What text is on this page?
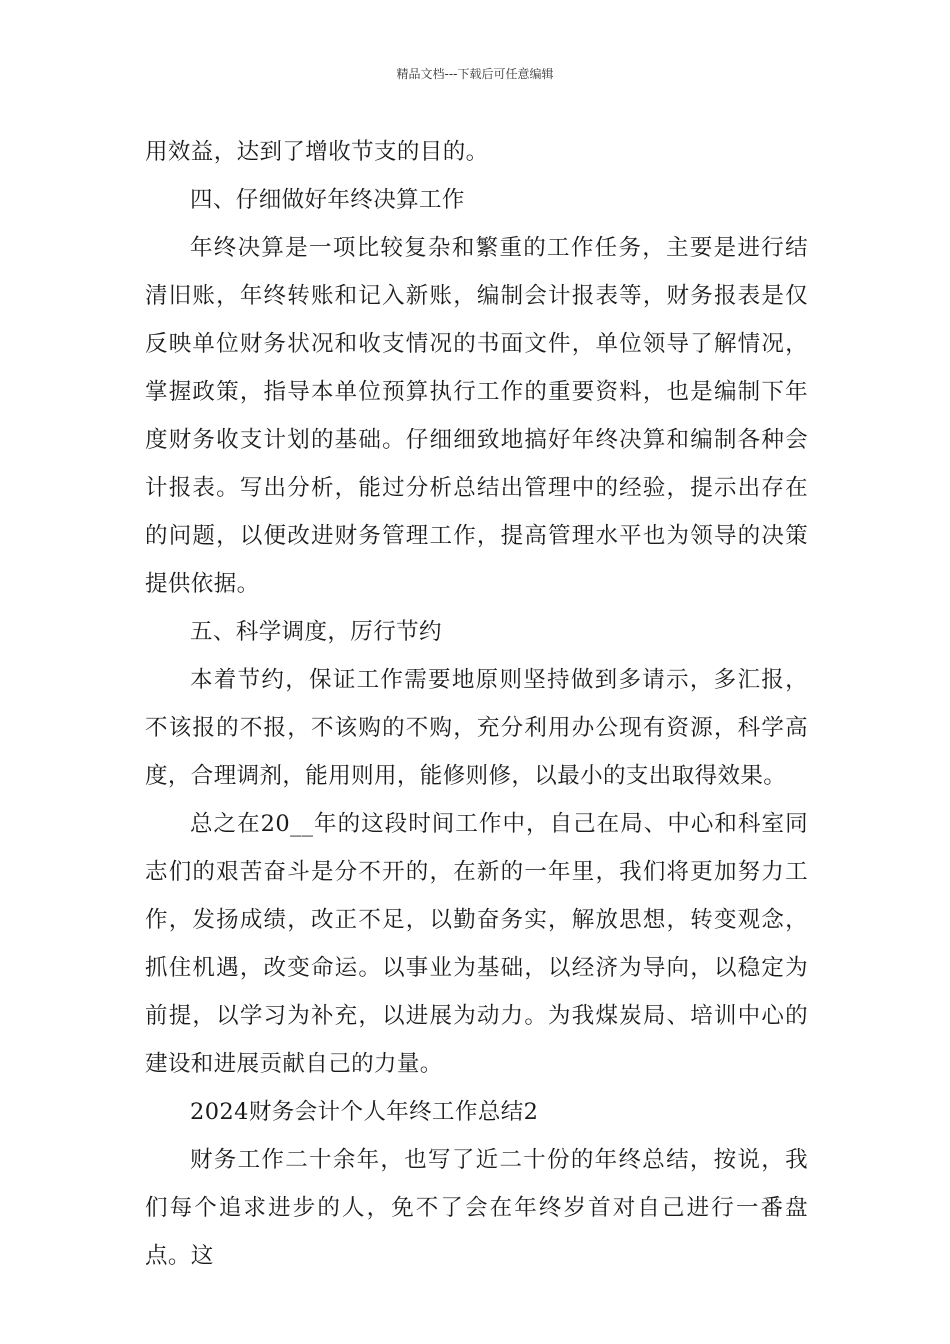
精品文档---下载后可任意编辑

用效益，达到了增收节支的目的。

四、仔细做好年终决算工作

年终决算是一项比较复杂和繁重的工作任务，主要是进行结清旧账，年终转账和记入新账，编制会计报表等，财务报表是仅反映单位财务状况和收支情况的书面文件，单位领导了解情况，掌握政策，指导本单位预算执行工作的重要资料，也是编制下年度财务收支计划的基础。仔细细致地搞好年终决算和编制各种会计报表。写出分析，能过分析总结出管理中的经验，提示出存在的问题，以便改进财务管理工作，提高管理水平也为领导的决策提供依据。

五、科学调度，厉行节约

本着节约，保证工作需要地原则坚持做到多请示，多汇报，不该报的不报，不该购的不购，充分利用办公现有资源，科学高度，合理调剂，能用则用，能修则修，以最小的支出取得效果。

总之在20__年的这段时间工作中，自己在局、中心和科室同志们的艰苦奋斗是分不开的，在新的一年里，我们将更加努力工作，发扬成绩，改正不足，以勤奋务实，解放思想，转变观念，抓住机遇，改变命运。以事业为基础，以经济为导向，以稳定为前提，以学习为补充，以进展为动力。为我煤炭局、培训中心的建设和进展贡献自己的力量。

2024财务会计个人年终工作总结2

财务工作二十余年，也写了近二十份的年终总结，按说，我们每个追求进步的人，免不了会在年终岁首对自己进行一番盘点。这
